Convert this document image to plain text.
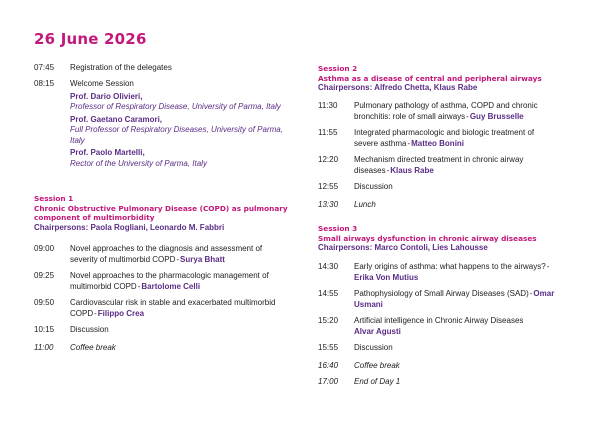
26 June 2026
07:45	Registration of the delegates
08:15	Welcome Session
Prof. Dario Olivieri,
Professor of Respiratory Disease, University of Parma, Italy
Prof. Gaetano Caramori,
Full Professor of Respiratory Diseases, University of Parma, Italy
Prof. Paolo Martelli,
Rector of the University of Parma, Italy
Session 1
Chronic Obstructive Pulmonary Disease (COPD) as pulmonary component of multimorbidity
Chairpersons: Paola Rogliani, Leonardo M. Fabbri
09:00	Novel approaches to the diagnosis and assessment of severity of multimorbid COPD-Surya Bhatt
09:25	Novel approaches to the pharmacologic management of multimorbid COPD-Bartolome Celli
09:50	Cardiovascular risk in stable and exacerbated multimorbid COPD-Filippo Crea
10:15	Discussion
11:00	Coffee break
Session 2
Asthma as a disease of central and peripheral airways
Chairpersons: Alfredo Chetta, Klaus Rabe
11:30	Pulmonary pathology of asthma, COPD and chronic bronchitis: role of small airways-Guy Brusselle
11:55	Integrated pharmacologic and biologic treatment of severe asthma-Matteo Bonini
12:20	Mechanism directed treatment in chronic airway diseases-Klaus Rabe
12:55	Discussion
13:30	Lunch
Session 3
Small airways dysfunction in chronic airway diseases
Chairpersons: Marco Contoli, Lies Lahousse
14:30	Early origins of asthma: what happens to the airways?-Erika Von Mutius
14:55	Pathophysiology of Small Airway Diseases (SAD)-Omar Usmani
15:20	Artificial intelligence in Chronic Airway Diseases
Alvar Agusti
15:55	Discussion
16:40	Coffee break
17:00	End of Day 1
